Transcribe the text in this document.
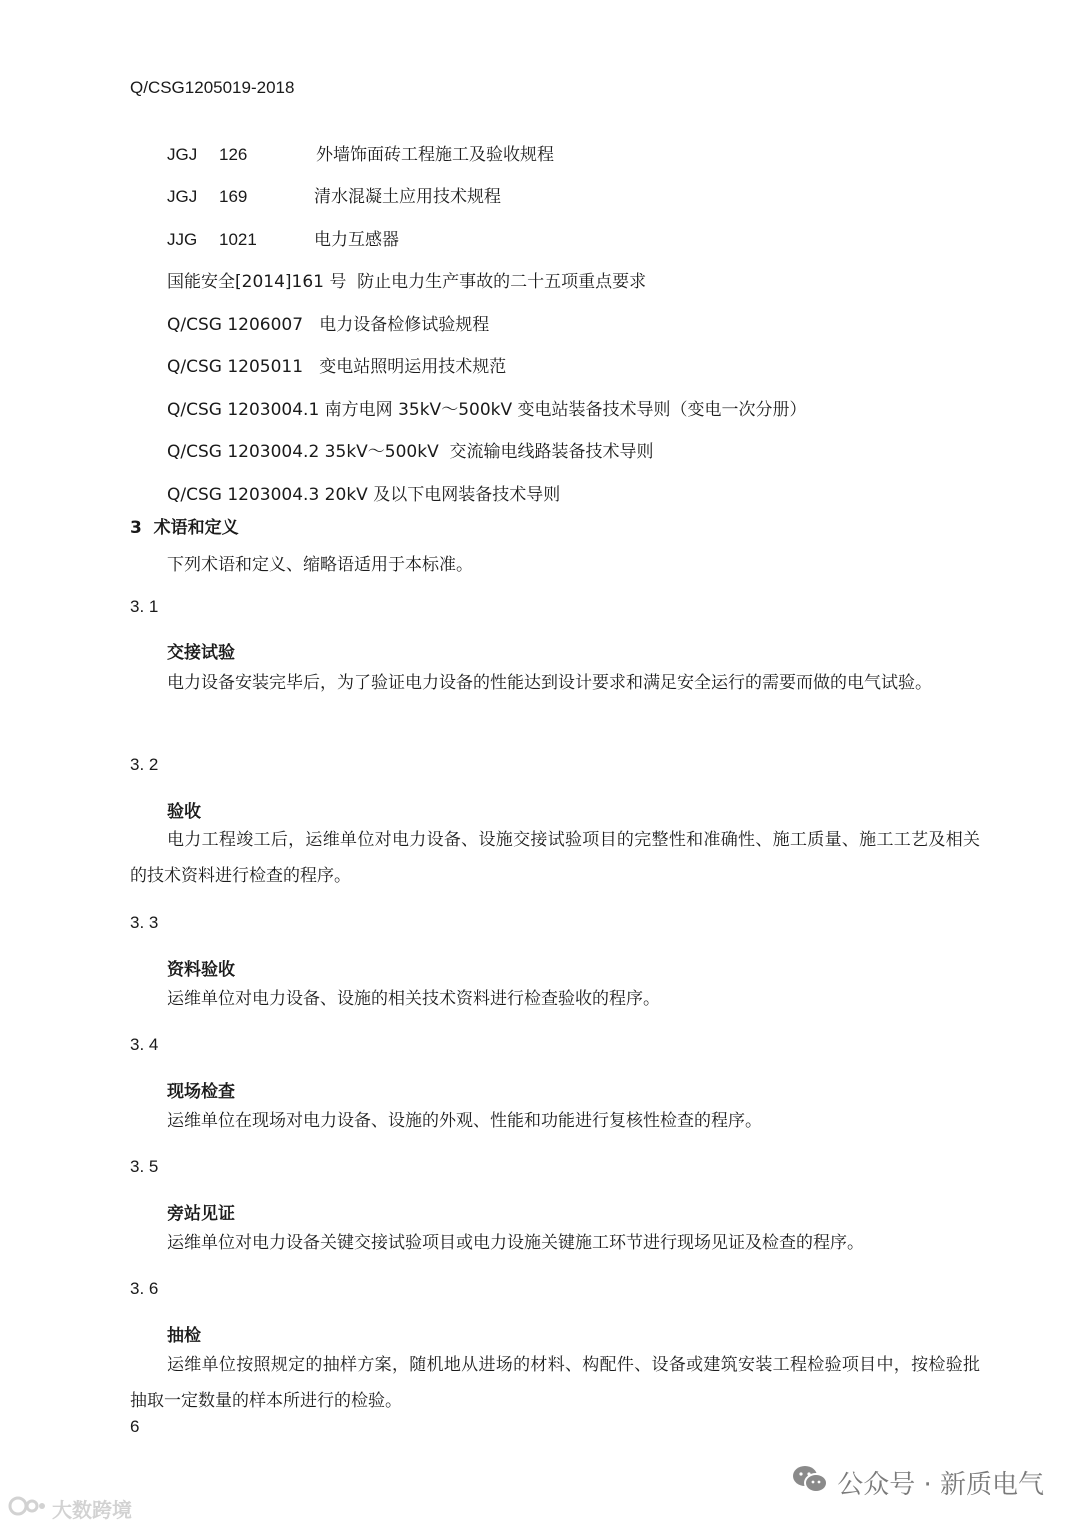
Q/CSG1205019-2018
JGJ 126	外墙饰面砖工程施工及验收规程
JGJ 169	清水混凝土应用技术规程
JJG 1021	电力互感器
国能安全[2014]161 号  防止电力生产事故的二十五项重点要求
Q/CSG 1206007   电力设备检修试验规程
Q/CSG 1205011   变电站照明运用技术规范
Q/CSG 1203004.1 南方电网 35kV～500kV 变电站装备技术导则（变电一次分册）
Q/CSG 1203004.2 35kV～500kV  交流输电线路装备技术导则
Q/CSG 1203004.3 20kV 及以下电网装备技术导则
3  术语和定义
下列术语和定义、缩略语适用于本标准。
3. 1
交接试验
电力设备安装完毕后，为了验证电力设备的性能达到设计要求和满足安全运行的需要而做的电气试验。
3. 2
验收
电力工程竣工后，运维单位对电力设备、设施交接试验项目的完整性和准确性、施工质量、施工工艺及相关的技术资料进行检查的程序。
3. 3
资料验收
运维单位对电力设备、设施的相关技术资料进行检查验收的程序。
3. 4
现场检查
运维单位在现场对电力设备、设施的外观、性能和功能进行复核性检查的程序。
3. 5
旁站见证
运维单位对电力设备关键交接试验项目或电力设施关键施工环节进行现场见证及检查的程序。
3. 6
抽检
运维单位按照规定的抽样方案，随机地从进场的材料、构配件、设备或建筑安装工程检验项目中，按检验批抽取一定数量的样本所进行的检验。
6
公众号 · 新质电气
大数跨境
